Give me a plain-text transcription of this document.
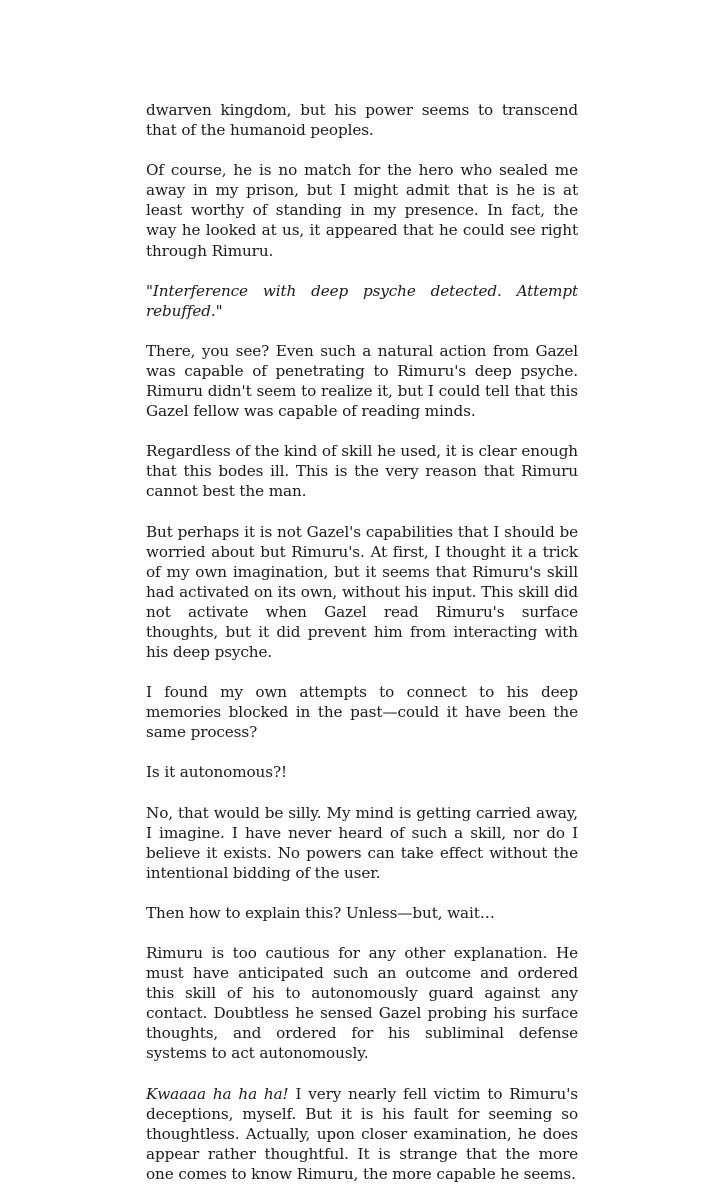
dwarven kingdom, but his power seems to transcend that of the humanoid peoples.

Of course, he is no match for the hero who sealed me away in my prison, but I might admit that is he is at least worthy of standing in my presence. In fact, the way he looked at us, it appeared that he could see right through Rimuru.

"Interference with deep psyche detected. Attempt rebuffed."

There, you see? Even such a natural action from Gazel was capable of penetrating to Rimuru's deep psyche. Rimuru didn't seem to realize it, but I could tell that this Gazel fellow was capable of reading minds.

Regardless of the kind of skill he used, it is clear enough that this bodes ill. This is the very reason that Rimuru cannot best the man.

But perhaps it is not Gazel's capabilities that I should be worried about but Rimuru's. At first, I thought it a trick of my own imagination, but it seems that Rimuru's skill had activated on its own, without his input. This skill did not activate when Gazel read Rimuru's surface thoughts, but it did prevent him from interacting with his deep psyche.

I found my own attempts to connect to his deep memories blocked in the past—could it have been the same process?

Is it autonomous?!

No, that would be silly. My mind is getting carried away, I imagine. I have never heard of such a skill, nor do I believe it exists. No powers can take effect without the intentional bidding of the user.

Then how to explain this? Unless—but, wait…

Rimuru is too cautious for any other explanation. He must have anticipated such an outcome and ordered this skill of his to autonomously guard against any contact. Doubtless he sensed Gazel probing his surface thoughts, and ordered for his subliminal defense systems to act autonomously.

Kwaaaa ha ha ha! I very nearly fell victim to Rimuru's deceptions, myself. But it is his fault for seeming so thoughtless. Actually, upon closer examination, he does appear rather thoughtful. It is strange that the more one comes to know Rimuru, the more capable he seems.
